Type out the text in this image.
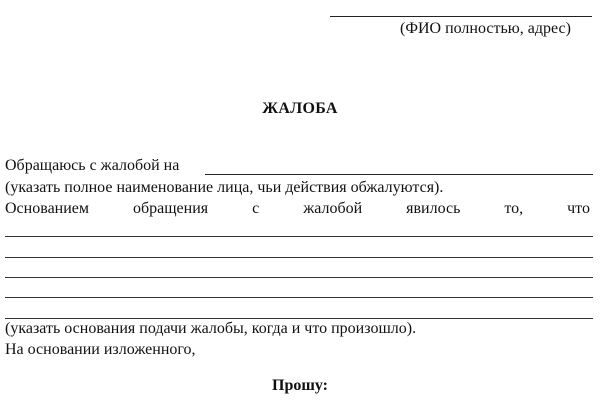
(ФИО полностью, адрес)
ЖАЛОБА
Обращаюсь с жалобой на
(указать полное наименование лица, чьи действия обжалуются).
Основанием	обращения	с	жалобой	явилось	то,	что
(указать основания подачи жалобы, когда и что произошло).
На основании изложенного,
Прошу:
